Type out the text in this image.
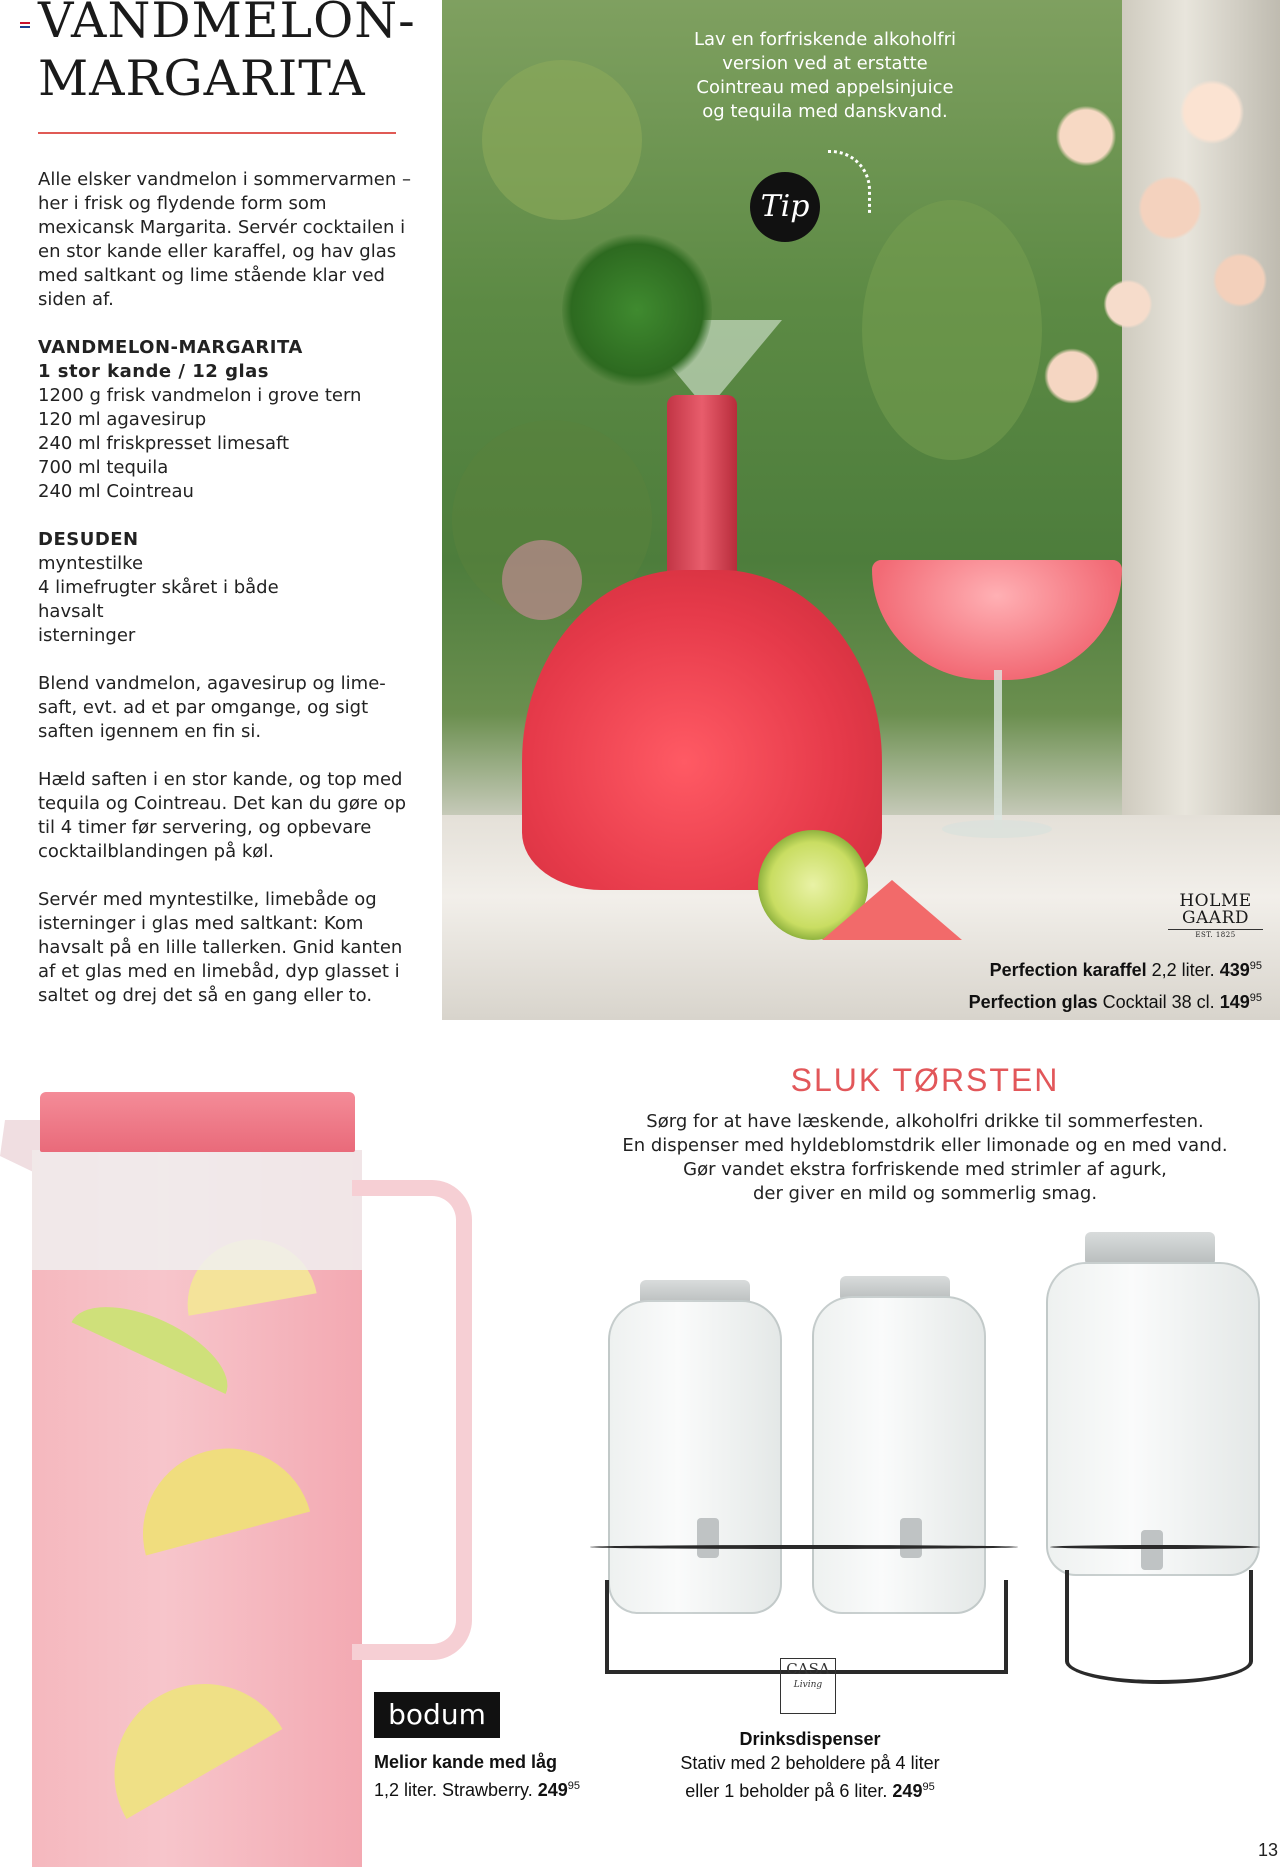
VANDMELON-MARGARITA

Alle elsker vandmelon i sommervarmen – her i frisk og flydende form som mexicansk Margarita. Servér cocktailen i en stor kande eller karaffel, og hav glas med saltkant og lime stående klar ved siden af.

VANDMELON-MARGARITA
1 stor kande / 12 glas
1200 g frisk vandmelon i grove tern
120 ml agavesirup
240 ml friskpresset limesaft
700 ml tequila
240 ml Cointreau

DESUDEN
myntestilke
4 limefrugter skåret i både
havsalt
isterninger

Blend vandmelon, agavesirup og lime-saft, evt. ad et par omgange, og sigt saften igennem en fin si.

Hæld saften i en stor kande, og top med tequila og Cointreau. Det kan du gøre op til 4 timer før servering, og opbevare cocktailblandingen på køl.

Servér med myntestilke, limebåde og isterninger i glas med saltkant: Kom havsalt på en lille tallerken. Gnid kanten af et glas med en limebåd, dyp glasset i saltet og drej det så en gang eller to.

Lav en forfriskende alkoholfri version ved at erstatte Cointreau med appelsinjuice og tequila med danskvand.
Tip
HOLME
GAARD
EST. 1825
Perfection karaffel 2,2 liter. $439^{95}$
Perfection glas Cocktail 38 cl. $149^{95}$
bodum
Melior kande med låg
1,2 liter. Strawberry. $249^{95}$
SLUK TØRSTEN
Sørg for at have læskende, alkoholfri drikke til sommerfesten.
En dispenser med hyldeblomstdrik eller limonade og en med vand.
Gør vandet ekstra forfriskende med strimler af agurk,
der giver en mild og sommerlig smag.
CASA
Living
Drinksdispenser
Stativ med 2 beholdere på 4 liter
eller 1 beholder på 6 liter. $249^{95}$
13
